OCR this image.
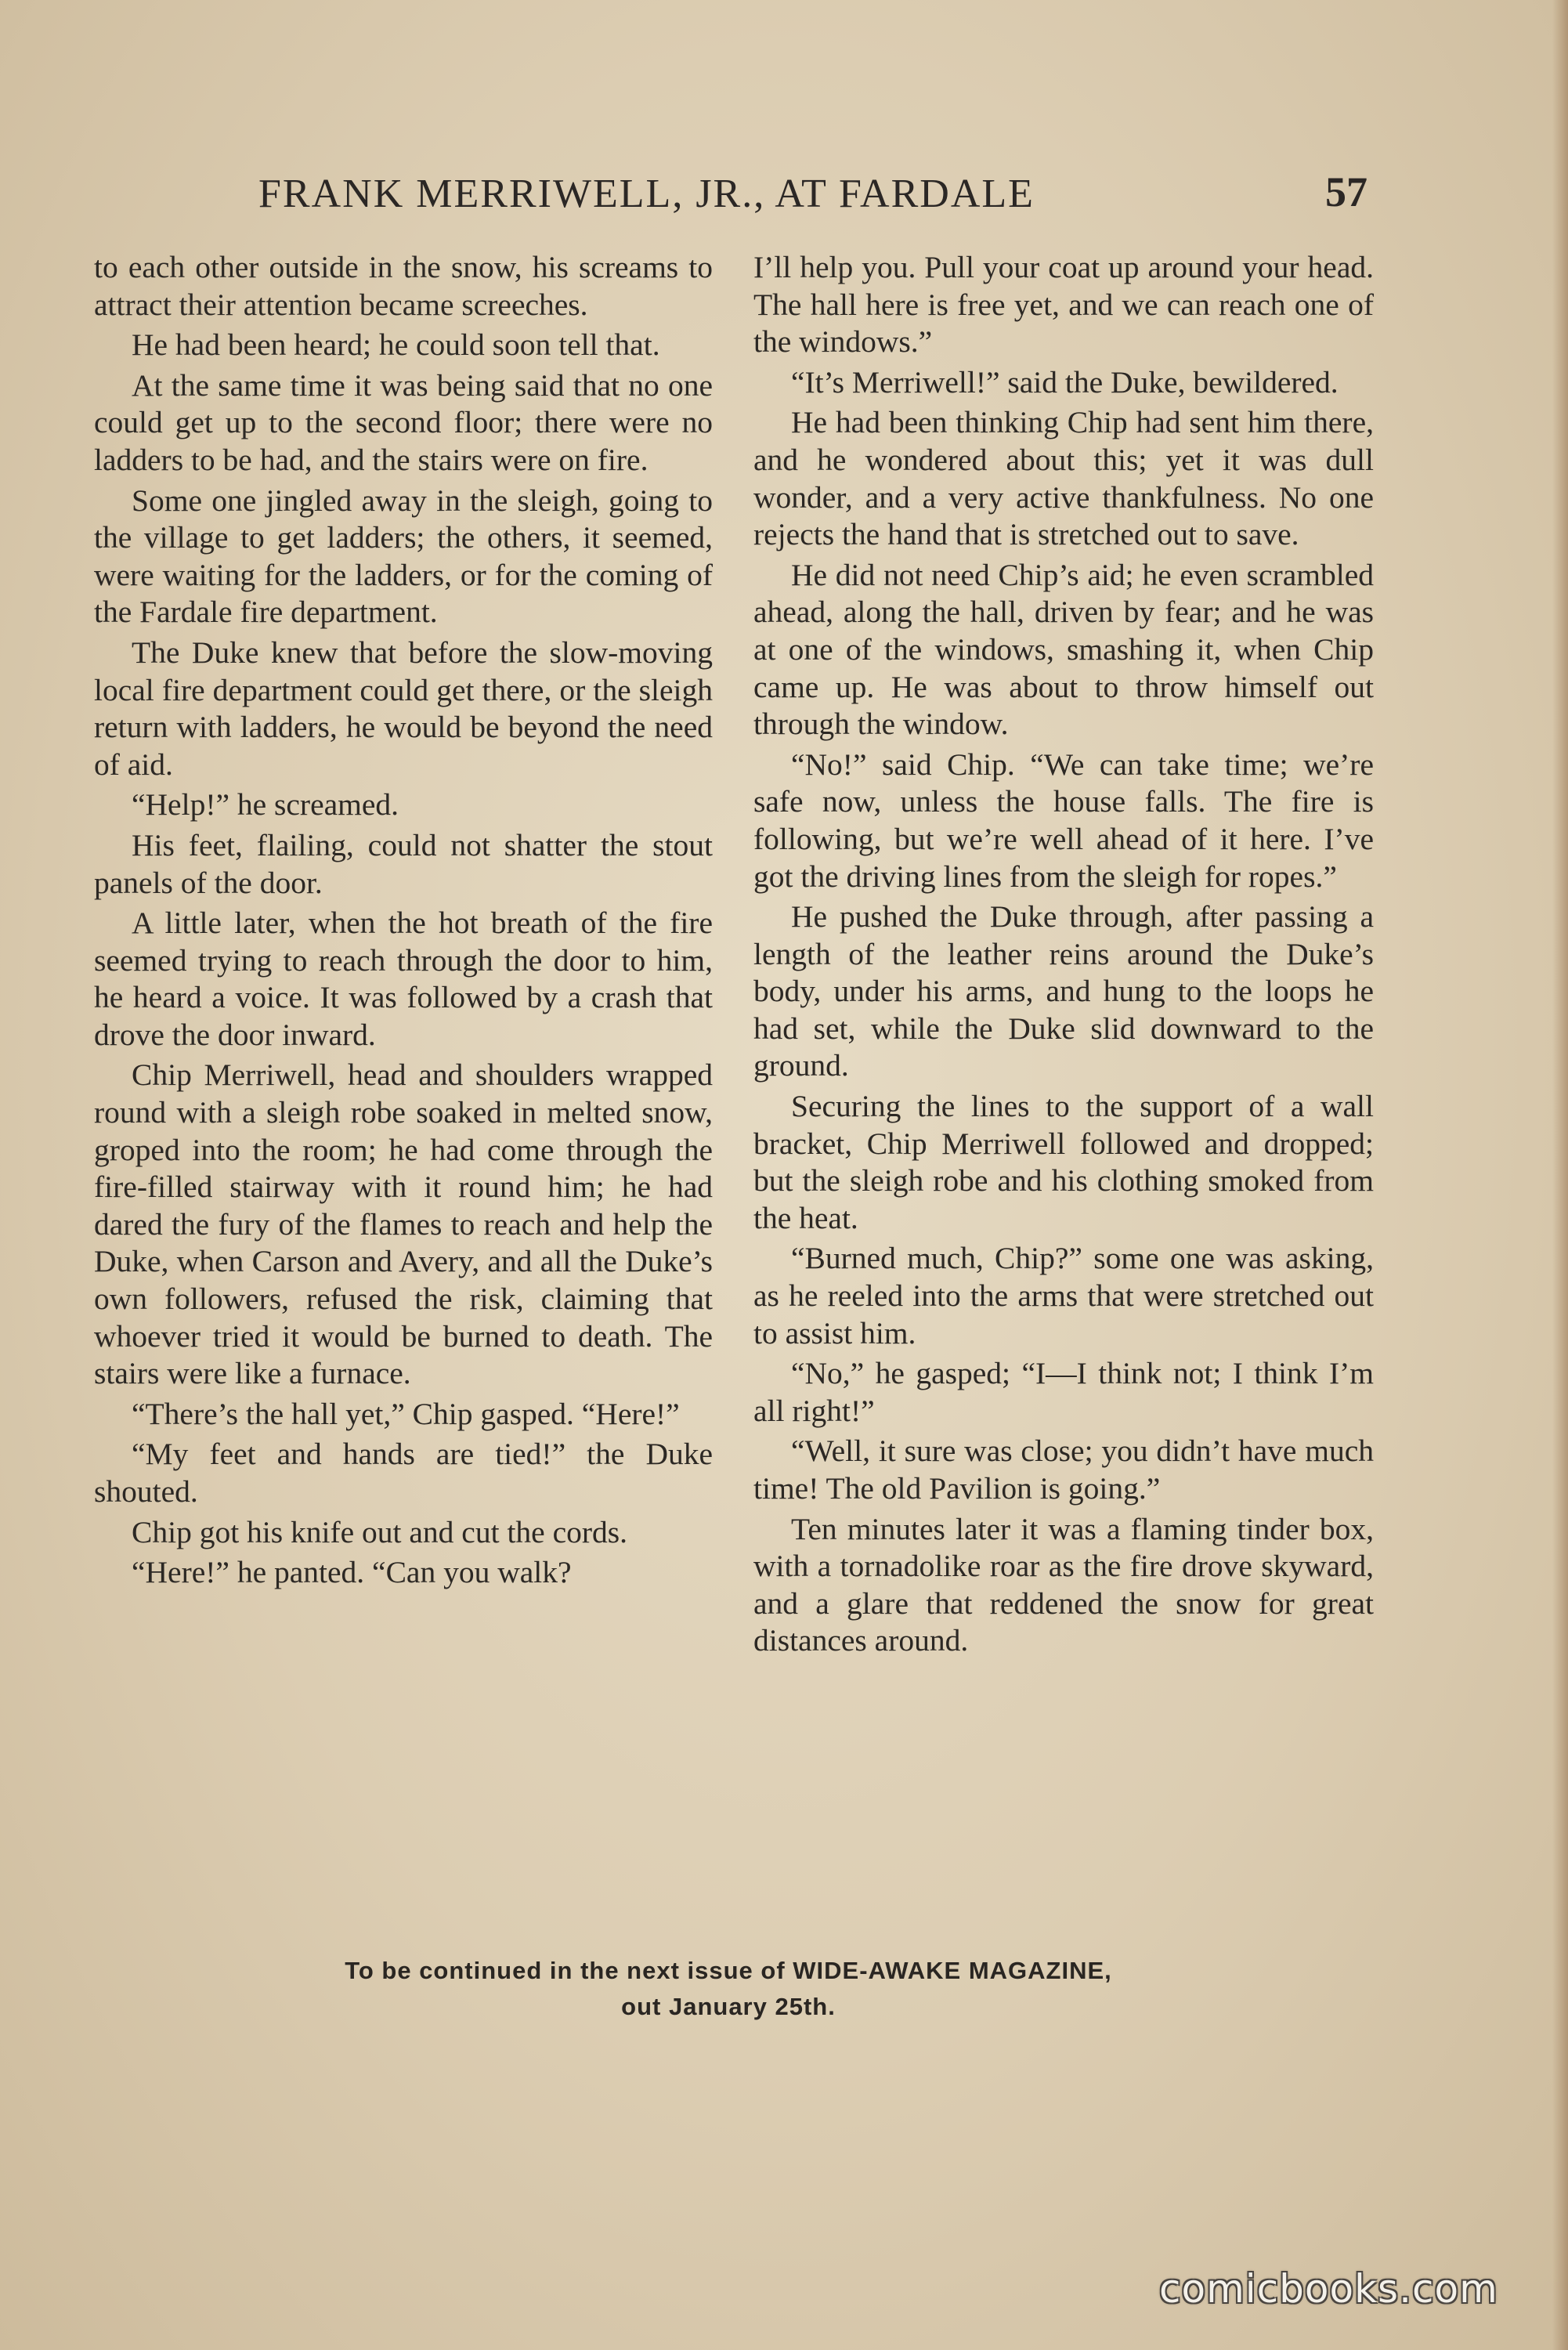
FRANK MERRIWELL, JR., AT FARDALE	57

to each other outside in the snow, his screams to attract their attention became screeches.

He had been heard; he could soon tell that.

At the same time it was being said that no one could get up to the second floor; there were no ladders to be had, and the stairs were on fire.

Some one jingled away in the sleigh, going to the village to get ladders; the others, it seemed, were waiting for the ladders, or for the coming of the Fardale fire department.

The Duke knew that before the slow-moving local fire department could get there, or the sleigh return with ladders, he would be beyond the need of aid.

“Help!” he screamed.

His feet, flailing, could not shatter the stout panels of the door.

A little later, when the hot breath of the fire seemed trying to reach through the door to him, he heard a voice. It was followed by a crash that drove the door inward.

Chip Merriwell, head and shoulders wrapped round with a sleigh robe soaked in melted snow, groped into the room; he had come through the fire-filled stairway with it round him; he had dared the fury of the flames to reach and help the Duke, when Carson and Avery, and all the Duke’s own followers, refused the risk, claiming that whoever tried it would be burned to death. The stairs were like a furnace.

“There’s the hall yet,” Chip gasped. “Here!”

“My feet and hands are tied!” the Duke shouted.

Chip got his knife out and cut the cords.

“Here!” he panted. “Can you walk?

I’ll help you. Pull your coat up around your head. The hall here is free yet, and we can reach one of the windows.”

“It’s Merriwell!” said the Duke, bewildered.

He had been thinking Chip had sent him there, and he wondered about this; yet it was dull wonder, and a very active thankfulness. No one rejects the hand that is stretched out to save.

He did not need Chip’s aid; he even scrambled ahead, along the hall, driven by fear; and he was at one of the windows, smashing it, when Chip came up. He was about to throw himself out through the window.

“No!” said Chip. “We can take time; we’re safe now, unless the house falls. The fire is following, but we’re well ahead of it here. I’ve got the driving lines from the sleigh for ropes.”

He pushed the Duke through, after passing a length of the leather reins around the Duke’s body, under his arms, and hung to the loops he had set, while the Duke slid downward to the ground.

Securing the lines to the support of a wall bracket, Chip Merriwell followed and dropped; but the sleigh robe and his clothing smoked from the heat.

“Burned much, Chip?” some one was asking, as he reeled into the arms that were stretched out to assist him.

“No,” he gasped; “I—I think not; I think I’m all right!”

“Well, it sure was close; you didn’t have much time! The old Pavilion is going.”

Ten minutes later it was a flaming tinder box, with a tornadolike roar as the fire drove skyward, and a glare that reddened the snow for great distances around.

To be continued in the next issue of WIDE-AWAKE MAGAZINE,
out January 25th.
comicbooks.com
